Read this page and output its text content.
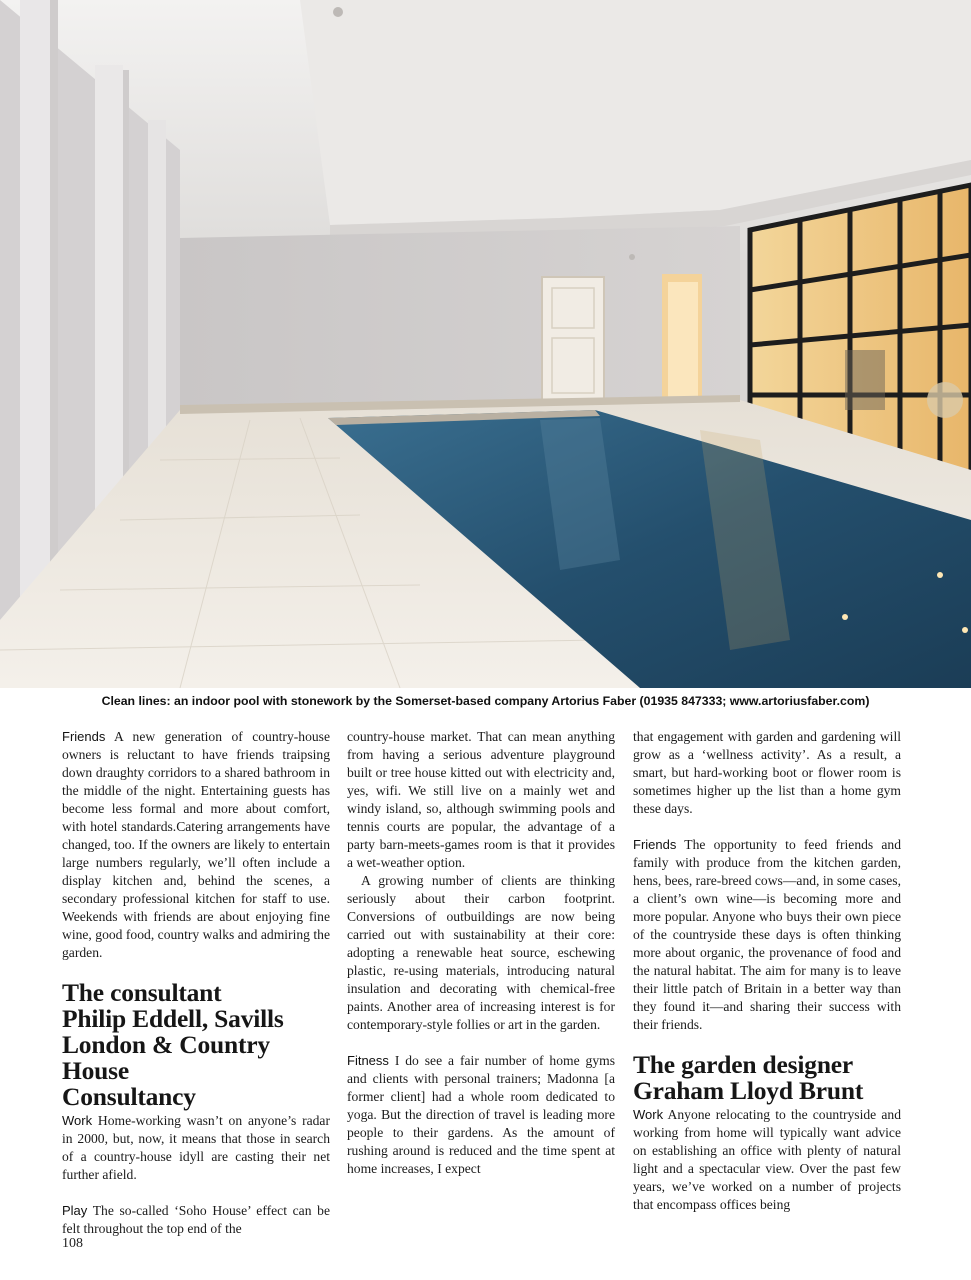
Clean lines: an indoor pool with stonework by the Somerset-based company Artorius Faber (01935 847333; www.artoriusfaber.com)

Friends A new generation of country-house owners is reluctant to have friends traipsing down draughty corridors to a shared bathroom in the middle of the night. Entertaining guests has become less formal and more about comfort, with hotel standards.Catering arrangements have changed, too. If the owners are likely to entertain large numbers regularly, we’ll often include a display kitchen and, behind the scenes, a secondary professional kitchen for staff to use. Weekends with friends are about enjoying fine wine, good food, country walks and admiring the garden.

The consultant
Philip Eddell, Savills
London & Country House
Consultancy

Work Home-working wasn’t on anyone’s radar in 2000, but, now, it means that those in search of a country-house idyll are casting their net further afield.

Play The so-called ‘Soho House’ effect can be felt throughout the top end of the

country-house market. That can mean anything from having a serious adventure playground built or tree house kitted out with electricity and, yes, wifi. We still live on a mainly wet and windy island, so, although swimming pools and tennis courts are popular, the advantage of a party barn-meets-games room is that it provides a wet-weather option.

A growing number of clients are thinking seriously about their carbon footprint. Conversions of outbuildings are now being carried out with sustainability at their core: adopting a renewable heat source, eschewing plastic, re-using materials, introducing natural insulation and decorating with chemical-free paints. Another area of increasing interest is for contemporary-style follies or art in the garden.

Fitness I do see a fair number of home gyms and clients with personal trainers; Madonna [a former client] had a whole room dedicated to yoga. But the direction of travel is leading more people to their gardens. As the amount of rushing around is reduced and the time spent at home increases, I expect

that engagement with garden and gardening will grow as a ‘wellness activity’. As a result, a smart, but hard-working boot or flower room is sometimes higher up the list than a home gym these days.

Friends The opportunity to feed friends and family with produce from the kitchen garden, hens, bees, rare-breed cows—and, in some cases, a client’s own wine—is becoming more and more popular. Anyone who buys their own piece of the countryside these days is often thinking more about organic, the provenance of food and the natural habitat. The aim for many is to leave their little patch of Britain in a better way than they found it—and sharing their success with their friends.

The garden designer
Graham Lloyd Brunt

Work Anyone relocating to the countryside and working from home will typically want advice on establishing an office with plenty of natural light and a spectacular view. Over the past few years, we’ve worked on a number of projects that encompass offices being

108
